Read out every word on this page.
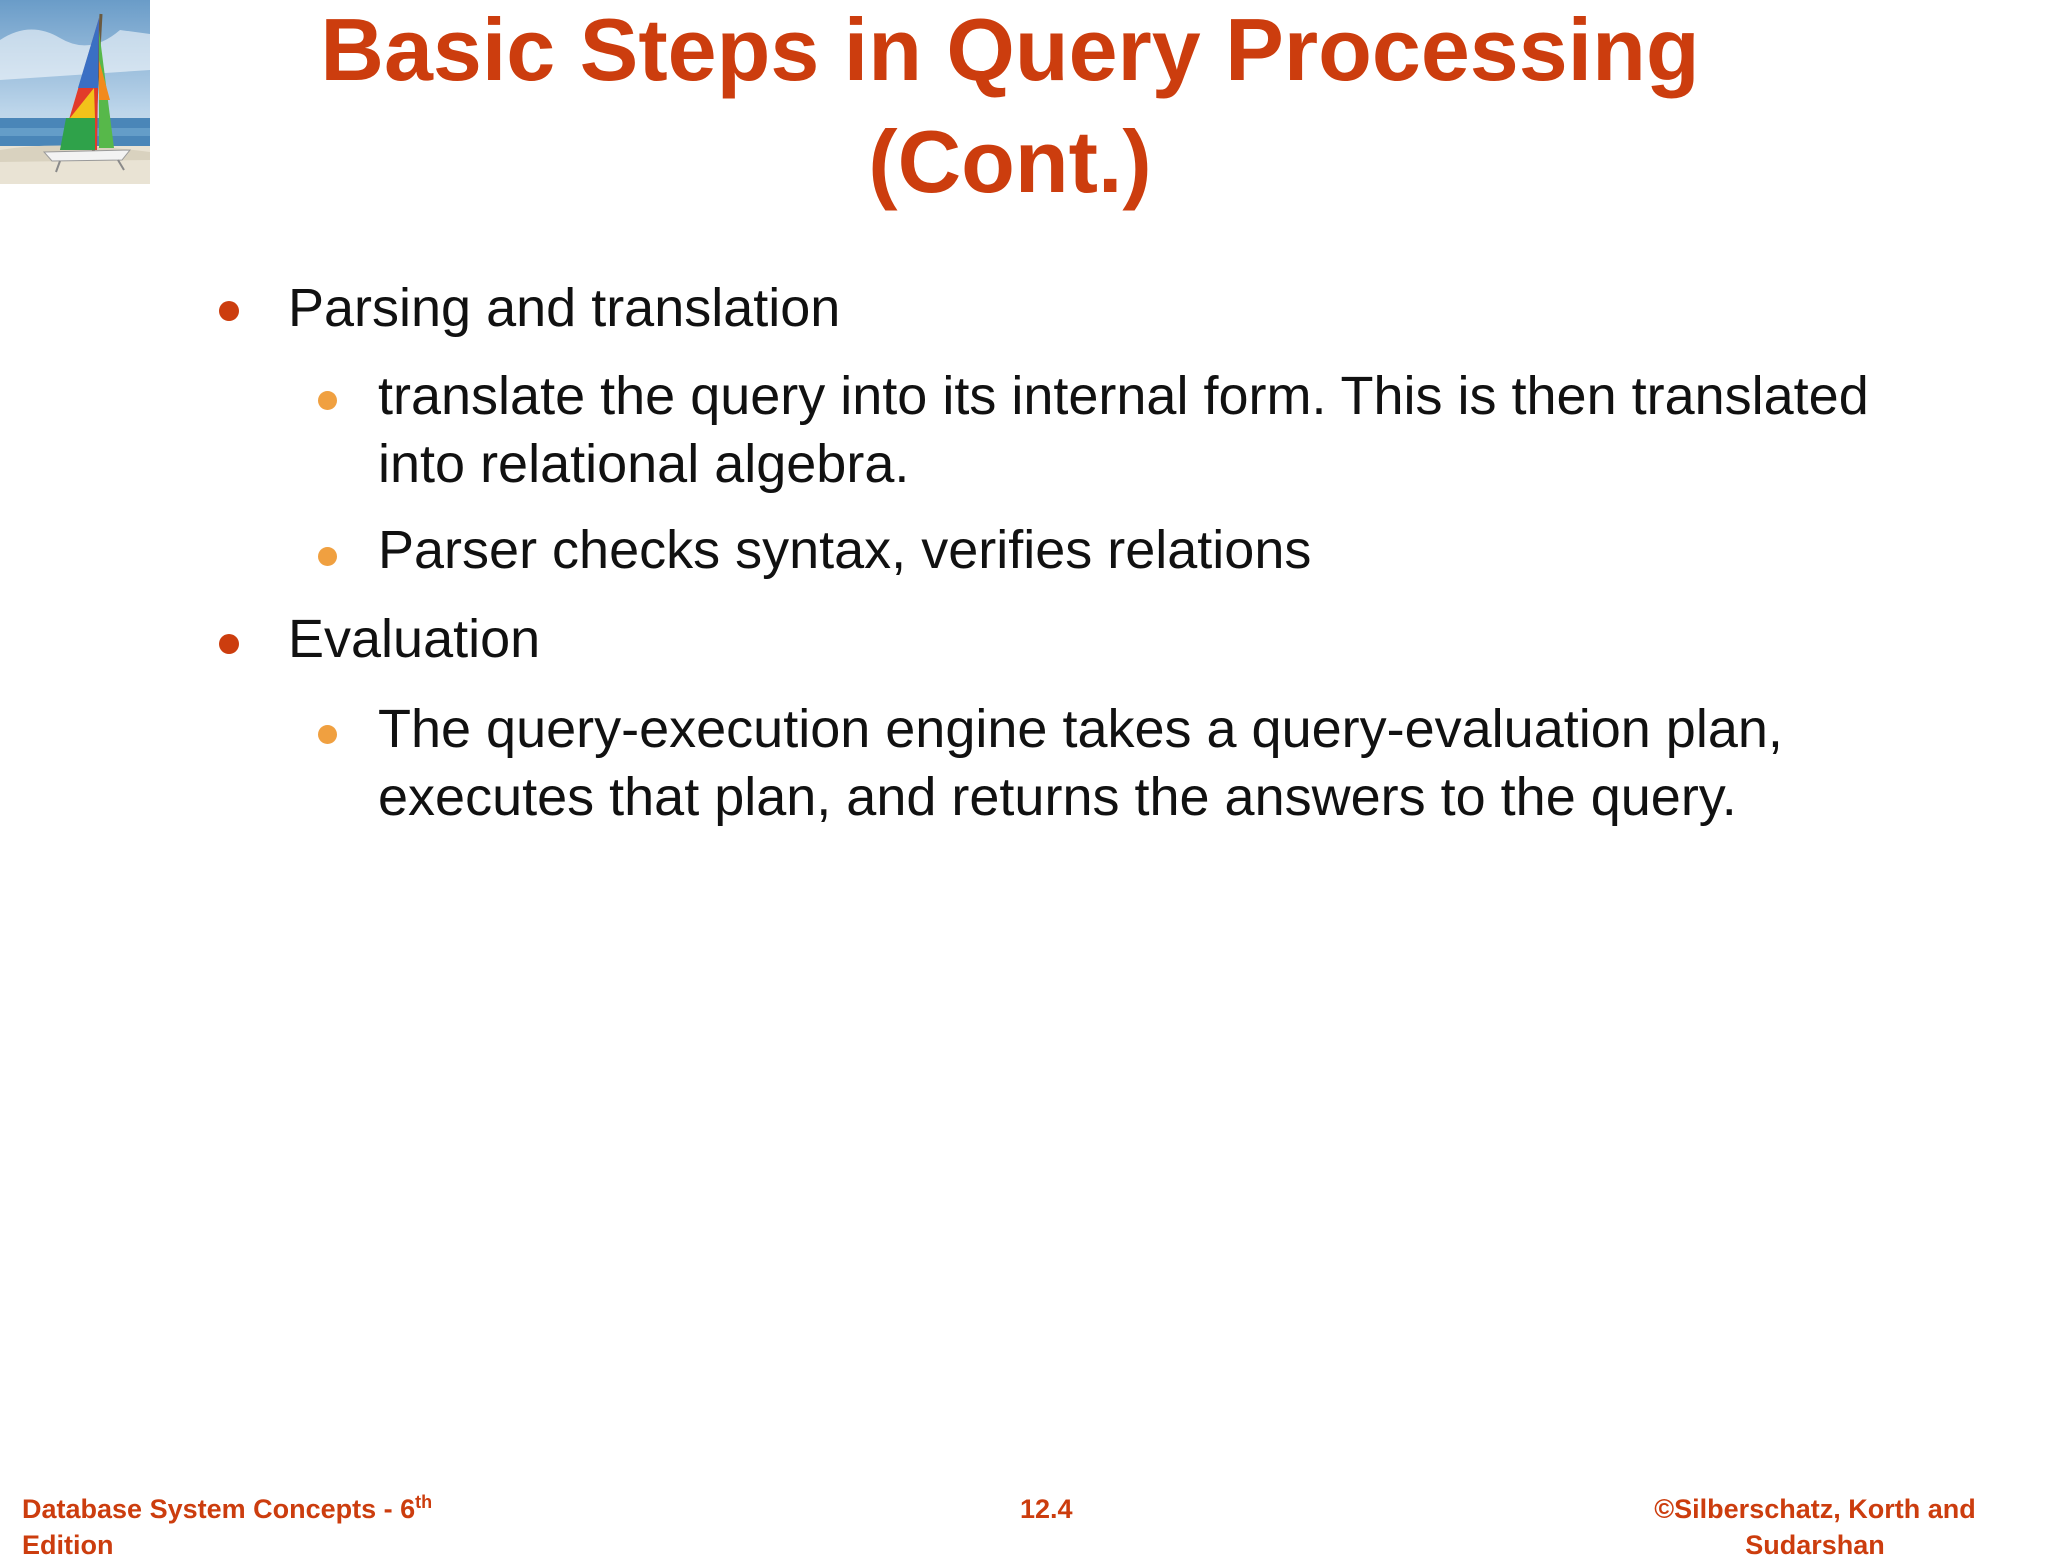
Basic Steps in Query Processing
(Cont.)
Parsing and translation
translate the query into its internal form. This is then translated into relational algebra.
Parser checks syntax, verifies relations
Evaluation
The query-execution engine takes a query-evaluation plan, executes that plan, and returns the answers to the query.
Database System Concepts - 6th
Edition
12.4	©Silberschatz, Korth and Sudarshan
